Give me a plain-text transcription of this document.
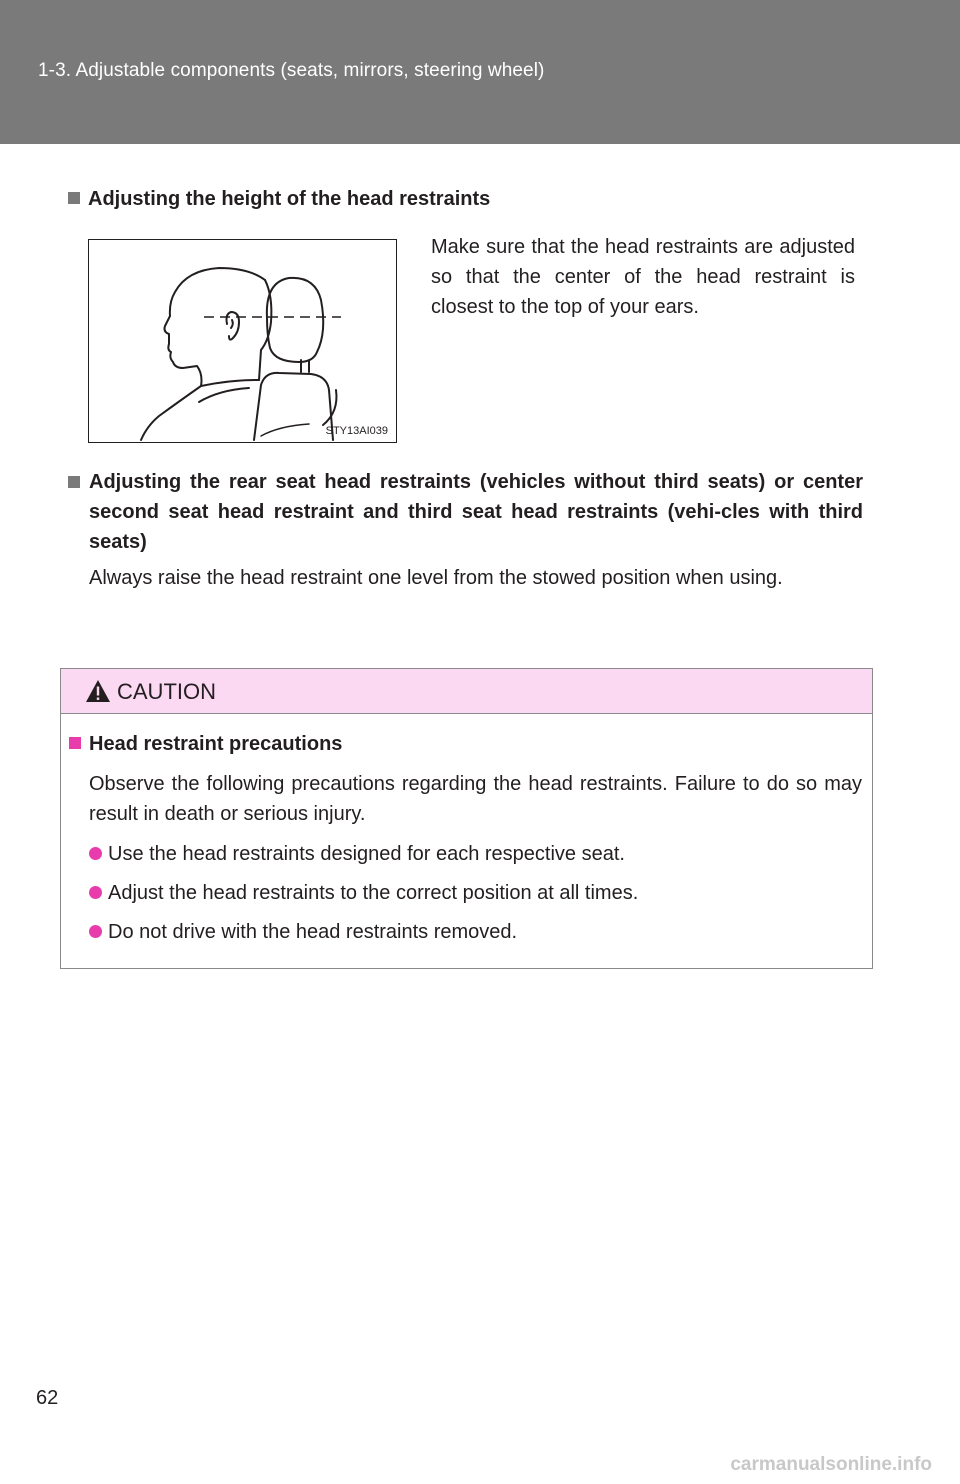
1-3. Adjustable components (seats, mirrors, steering wheel)
Adjusting the height of the head restraints
STY13AI039
Make sure that the head restraints are adjusted so that the center of the head restraint is closest to the top of your ears.
Adjusting the rear seat head restraints (vehicles without third seats) or center second seat head restraint and third seat head restraints (vehi-cles with third seats)
Always raise the head restraint one level from the stowed position when using.
CAUTION
Head restraint precautions
Observe the following precautions regarding the head restraints. Failure to do so may result in death or serious injury.
Use the head restraints designed for each respective seat.
Adjust the head restraints to the correct position at all times.
Do not drive with the head restraints removed.
62
carmanualsonline.info
